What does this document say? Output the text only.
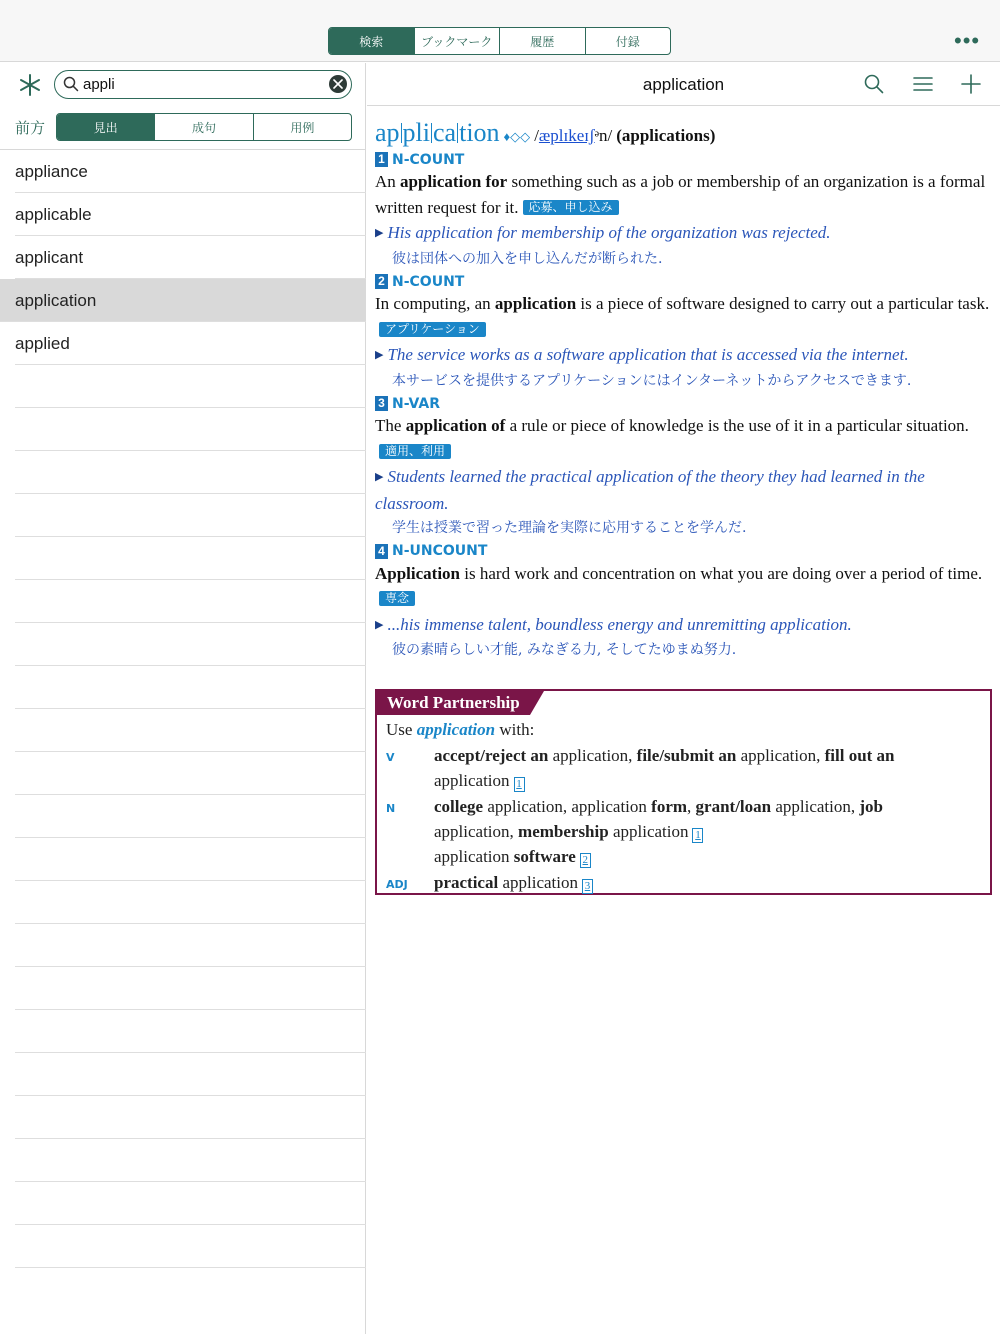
検索	ブックマーク	履歴	付録	•••
appli
前方	見出	成句	用例
appliance
applicable
applicant
application
applied
application
ap pli ca tion ♦◇◇ /æplɪkeɪʃᵊn/ (applications)
1 N-COUNT
An application for something such as a job or membership of an organization is a formal written request for it. 応募、申し込み
▶ His application for membership of the organization was rejected.
彼は団体への加入を申し込んだが断られた.
2 N-COUNT
In computing, an application is a piece of software designed to carry out a particular task.アプリケーション
▶ The service works as a software application that is accessed via the internet.
本サービスを提供するアプリケーションにはインターネットからアクセスできます.
3 N-VAR
The application of a rule or piece of knowledge is the use of it in a particular situation.適用、利用
▶ Students learned the practical application of the theory they had learned in the classroom.
学生は授業で習った理論を実際に応用することを学んだ.
4 N-UNCOUNT
Application is hard work and concentration on what you are doing over a period of time.専念
▶ ...his immense talent, boundless energy and unremitting application.
彼の素晴らしい才能, みなぎる力, そしてたゆまぬ努力.
Word Partnership
Use application with:
V accept/reject an application, file/submit an application, fill out an
application 1
N college application, application form, grant/loan application, job
application, membership application 1
application software 2
ADJ practical application 3
